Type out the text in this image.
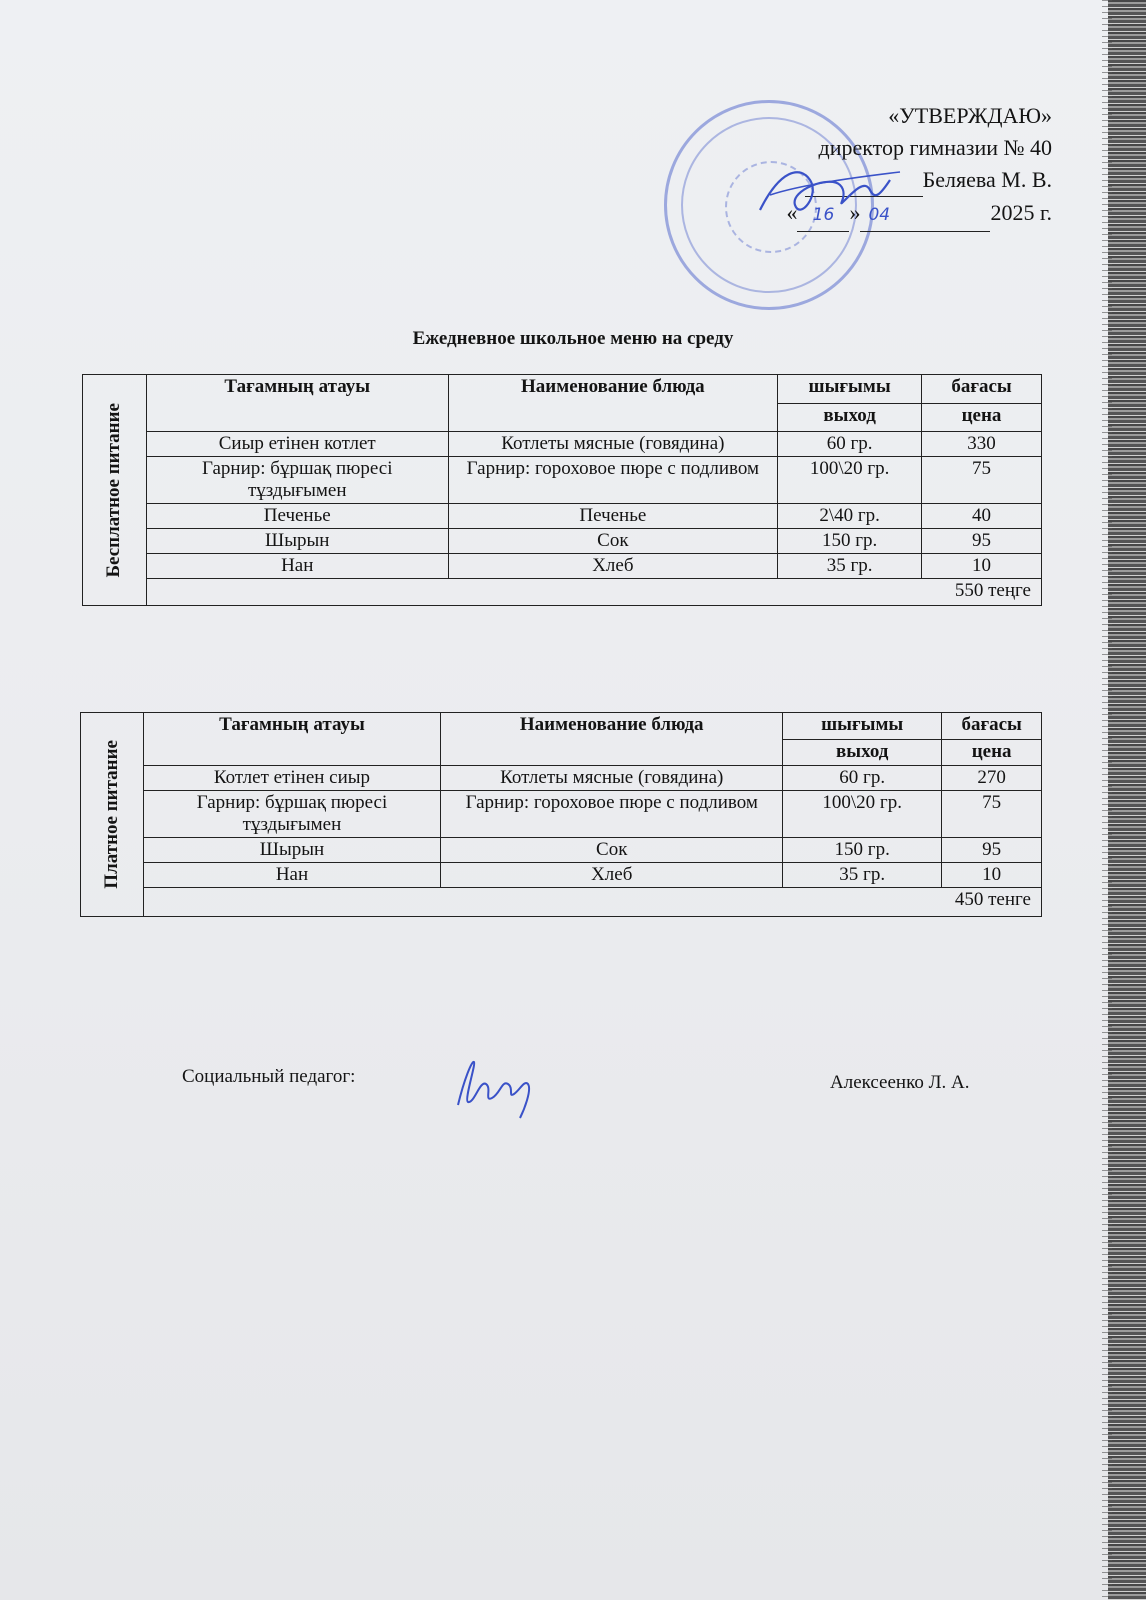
«УТВЕРЖДАЮ»
директор гимназии № 40
Беляева М. В.
« 16 » 04	2025 г.
Ежедневное школьное меню на среду
Бесплатное питание	Тағамның атауы	Наименование блюда	шығымы	бағасы
			выход	цена
	Сиыр етінен котлет	Котлеты мясные (говядина)	60 гр.	330
	Гарнир: бұршақ пюресі тұздығымен	Гарнир: гороховое пюре с подливом	100\20 гр.	75
	Печенье	Печенье	2\40 гр.	40
	Шырын	Сок	150 гр.	95
	Нан	Хлеб	35 гр.	10
	550 теңге			
Платное питание	Тағамның атауы	Наименование блюда	шығымы	бағасы
			выход	цена
	Котлет етінен сиыр	Котлеты мясные (говядина)	60 гр.	270
	Гарнир: бұршақ пюресі тұздығымен	Гарнир: гороховое пюре с подливом	100\20 гр.	75
	Шырын	Сок	150 гр.	95
	Нан	Хлеб	35 гр.	10
	450 тенге			
Социальный педагог:	Алексеенко Л. А.
